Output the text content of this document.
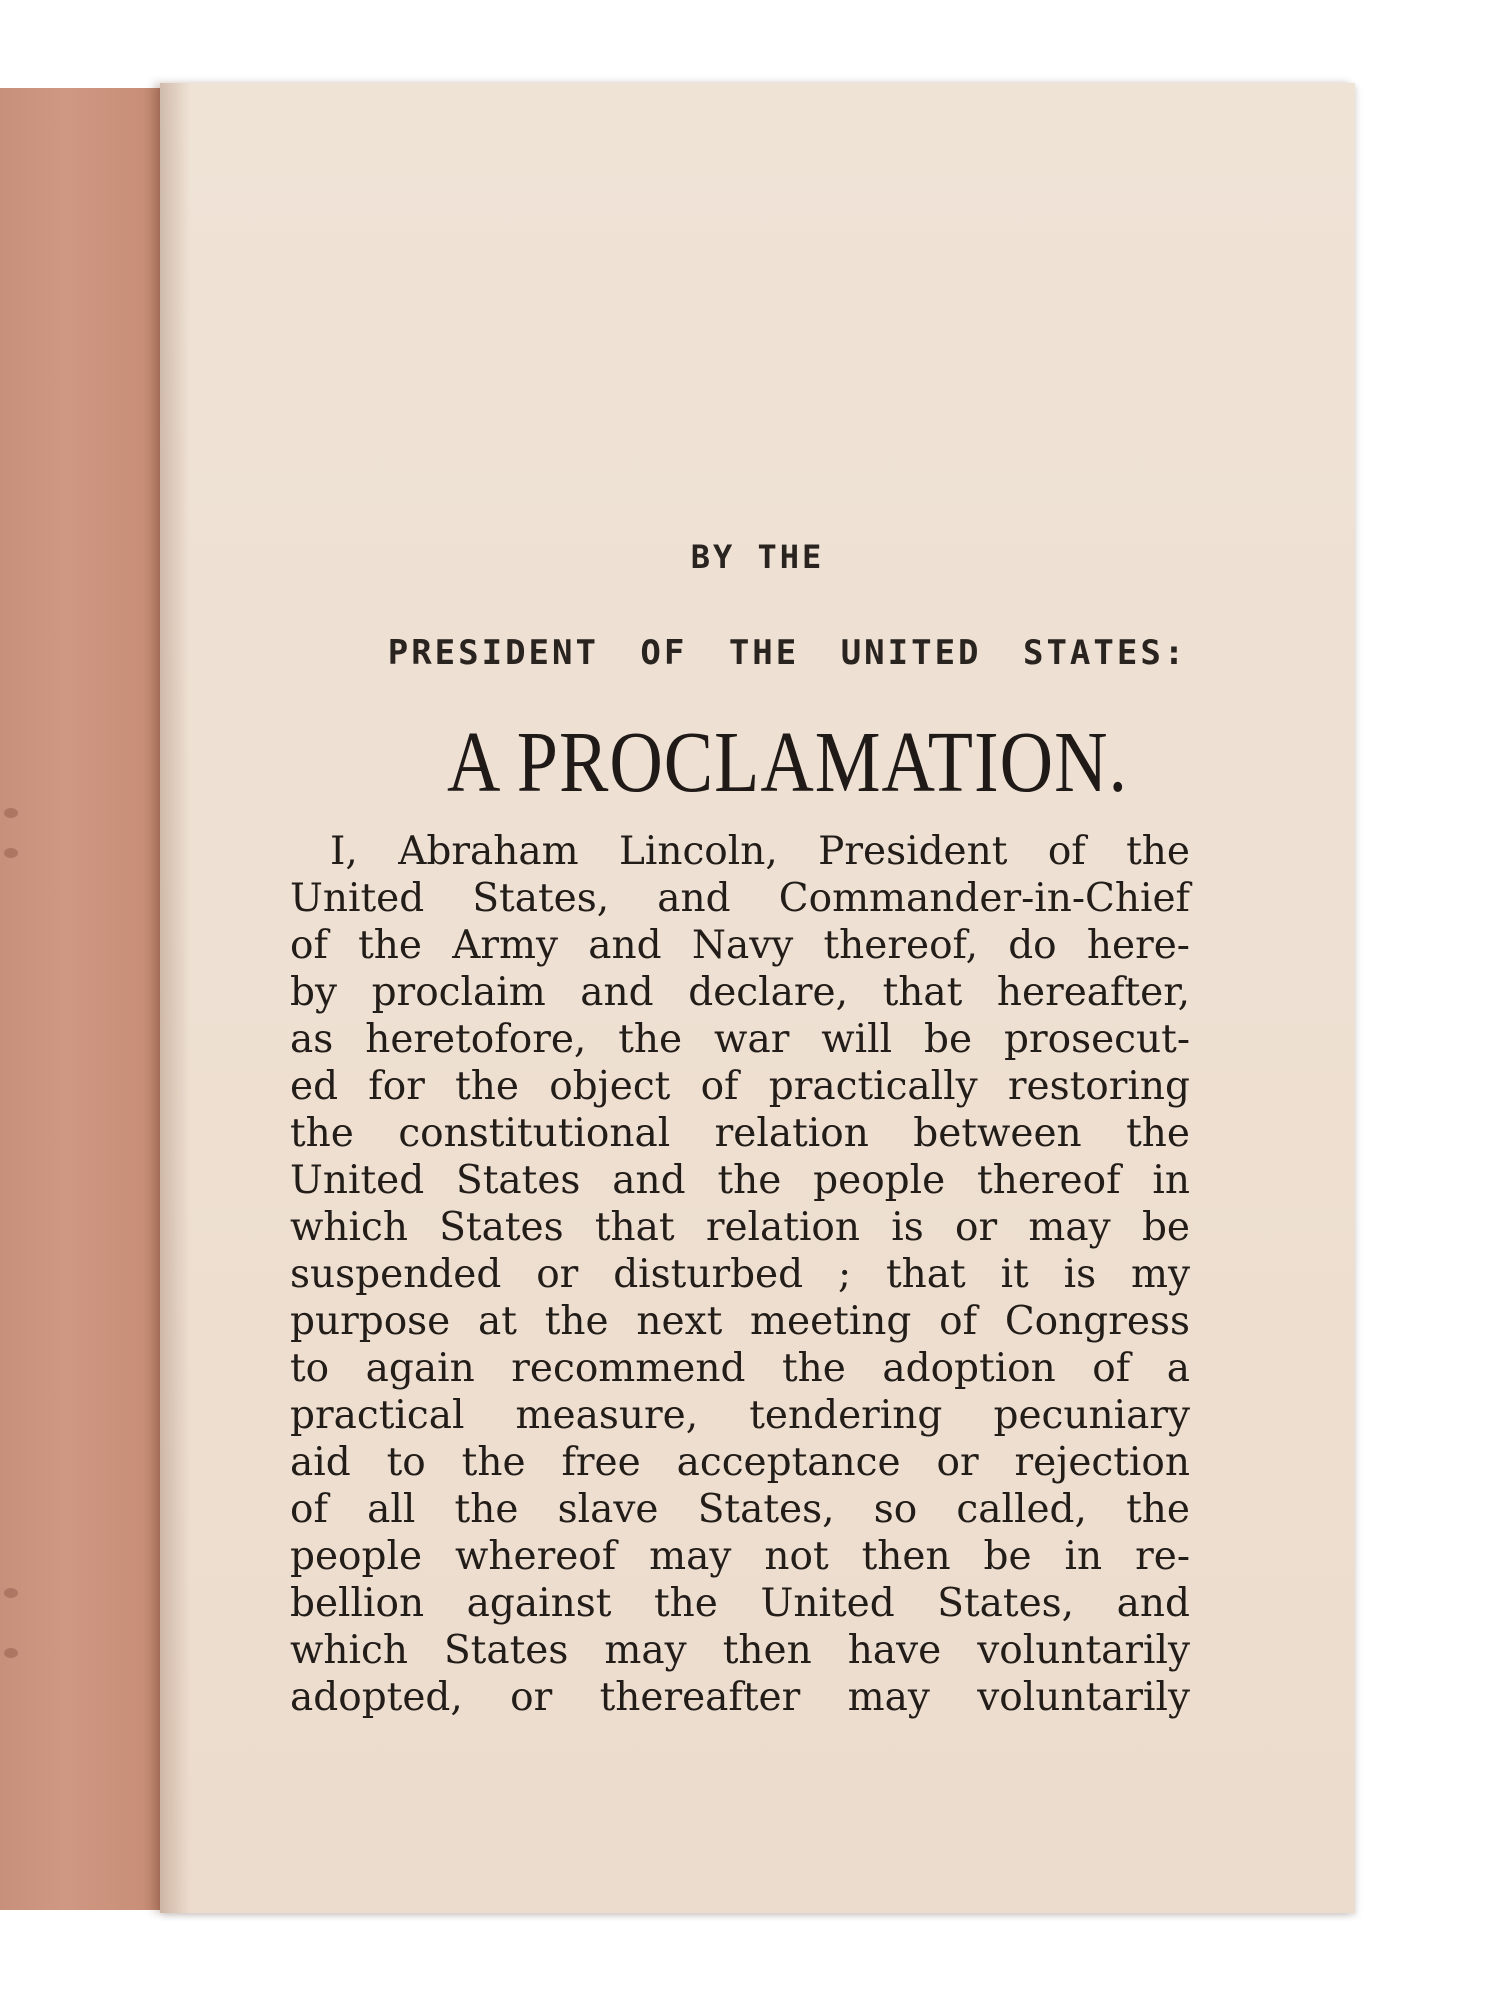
BY THE
PRESIDENT OF THE UNITED STATES:
A PROCLAMATION.
I, Abraham Lincoln, President of the
United States, and Commander-in-Chief
of the Army and Navy thereof, do here-
by proclaim and declare, that hereafter,
as heretofore, the war will be prosecut-
ed for the object of practically restoring
the constitutional relation between the
United States and the people thereof in
which States that relation is or may be
suspended or disturbed ; that it is my
purpose at the next meeting of Congress
to again recommend the adoption of a
practical measure, tendering pecuniary
aid to the free acceptance or rejection
of all the slave States, so called, the
people whereof may not then be in re-
bellion against the United States, and
which States may then have voluntarily
adopted, or thereafter may voluntarily
